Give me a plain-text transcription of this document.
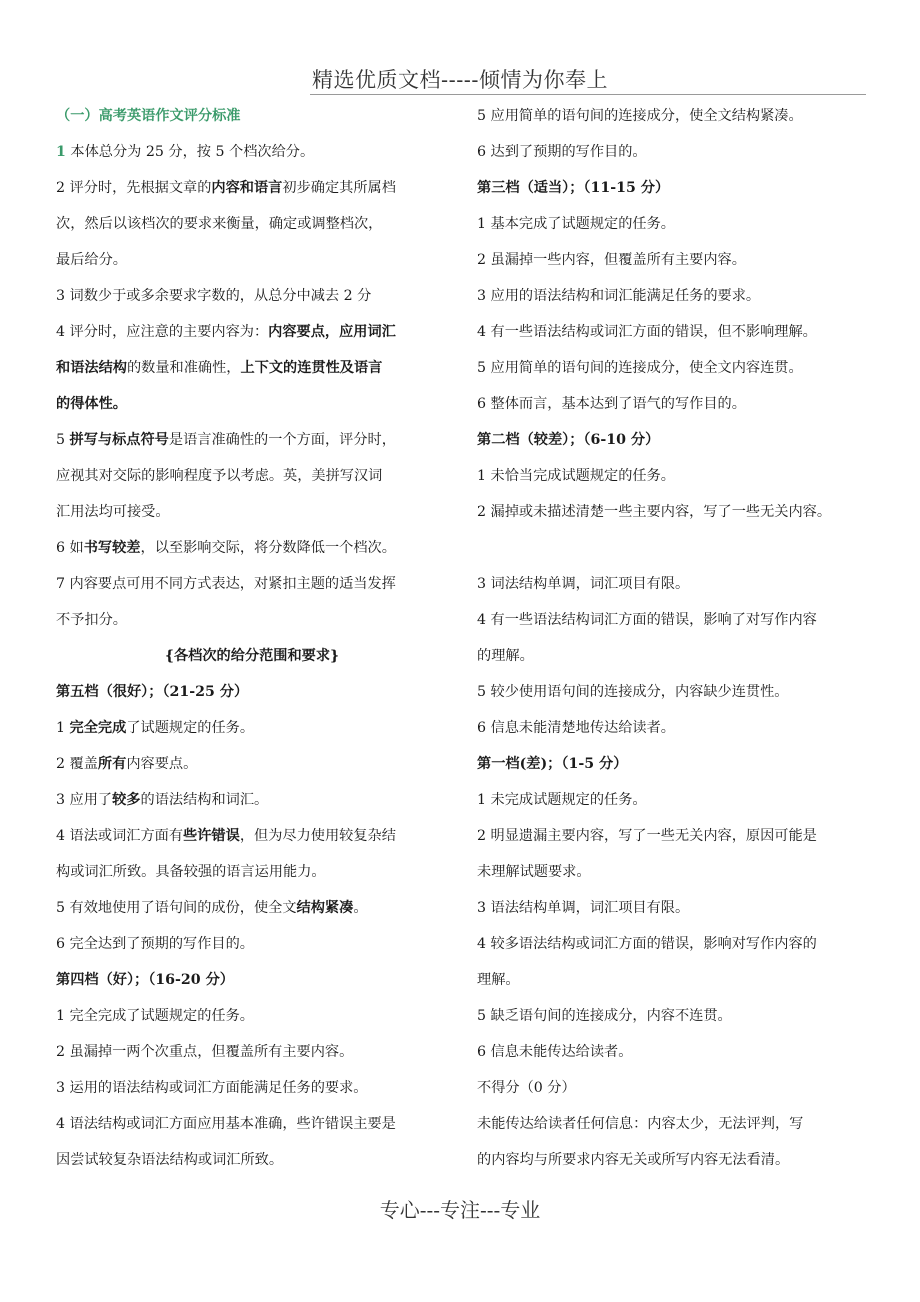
精选优质文档-----倾情为你奉上
（一）高考英语作文评分标准
1 本体总分为 25 分，按 5 个档次给分。
2 评分时，先根据文章的内容和语言初步确定其所属档
次，然后以该档次的要求来衡量，确定或调整档次，
最后给分。
3 词数少于或多余要求字数的，从总分中减去 2 分
4 评分时，应注意的主要内容为：内容要点，应用词汇
和语法结构的数量和准确性，上下文的连贯性及语言
的得体性。
5 拼写与标点符号是语言准确性的一个方面，评分时，
应视其对交际的影响程度予以考虑。英，美拼写汉词
汇用法均可接受。
6 如书写较差，以至影响交际，将分数降低一个档次。
7 内容要点可用不同方式表达，对紧扣主题的适当发挥
不予扣分。
{各档次的给分范围和要求}
第五档（很好）；（21-25 分）
1 完全完成了试题规定的任务。
2 覆盖所有内容要点。
3 应用了较多的语法结构和词汇。
4 语法或词汇方面有些许错误，但为尽力使用较复杂结
构或词汇所致。具备较强的语言运用能力。
5 有效地使用了语句间的成份，使全文结构紧凑。
6 完全达到了预期的写作目的。
第四档（好）；（16-20 分）
1 完全完成了试题规定的任务。
2 虽漏掉一两个次重点，但覆盖所有主要内容。
3 运用的语法结构或词汇方面能满足任务的要求。
4 语法结构或词汇方面应用基本准确，些许错误主要是
因尝试较复杂语法结构或词汇所致。
5 应用简单的语句间的连接成分，使全文结构紧凑。
6 达到了预期的写作目的。
第三档（适当）；（11-15 分）
1 基本完成了试题规定的任务。
2 虽漏掉一些内容，但覆盖所有主要内容。
3 应用的语法结构和词汇能满足任务的要求。
4 有一些语法结构或词汇方面的错误，但不影响理解。
5 应用简单的语句间的连接成分，使全文内容连贯。
6 整体而言，基本达到了语气的写作目的。
第二档（较差）；（6-10 分）
1 未恰当完成试题规定的任务。
2 漏掉或未描述清楚一些主要内容，写了一些无关内容。
3 词法结构单调，词汇项目有限。
4 有一些语法结构词汇方面的错误，影响了对写作内容
的理解。
5 较少使用语句间的连接成分，内容缺少连贯性。
6 信息未能清楚地传达给读者。
第一档(差)；（1-5 分）
1 未完成试题规定的任务。
2 明显遗漏主要内容，写了一些无关内容，原因可能是
未理解试题要求。
3 语法结构单调，词汇项目有限。
4 较多语法结构或词汇方面的错误，影响对写作内容的
理解。
5 缺乏语句间的连接成分，内容不连贯。
6 信息未能传达给读者。
不得分（0 分）
未能传达给读者任何信息：内容太少，无法评判，写
的内容均与所要求内容无关或所写内容无法看清。
专心---专注---专业
